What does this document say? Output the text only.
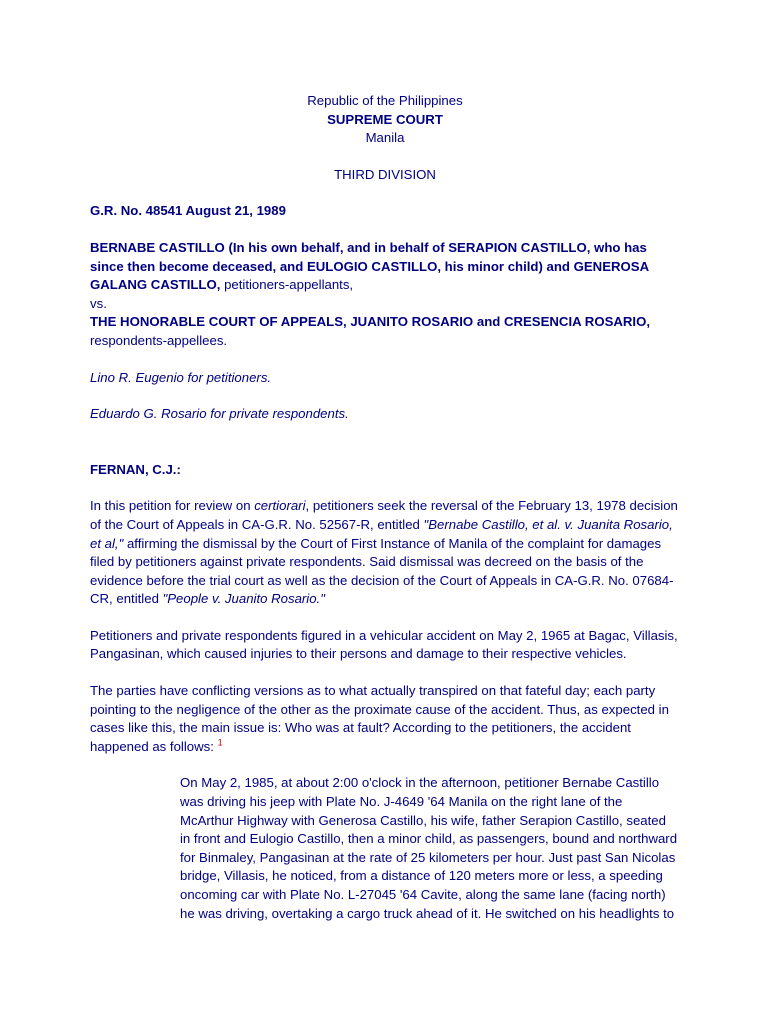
Republic of the Philippines
SUPREME COURT
Manila
THIRD DIVISION

G.R. No. 48541 August 21, 1989

BERNABE CASTILLO (In his own behalf, and in behalf of SERAPION CASTILLO, who has since then become deceased, and EULOGIO CASTILLO, his minor child) and GENEROSA GALANG CASTILLO, petitioners-appellants,
vs.
THE HONORABLE COURT OF APPEALS, JUANITO ROSARIO and CRESENCIA ROSARIO, respondents-appellees.

Lino R. Eugenio for petitioners.

Eduardo G. Rosario for private respondents.

FERNAN, C.J.:

In this petition for review on certiorari, petitioners seek the reversal of the February 13, 1978 decision of the Court of Appeals in CA-G.R. No. 52567-R, entitled "Bernabe Castillo, et al. v. Juanita Rosario, et al," affirming the dismissal by the Court of First Instance of Manila of the complaint for damages filed by petitioners against private respondents. Said dismissal was decreed on the basis of the evidence before the trial court as well as the decision of the Court of Appeals in CA-G.R. No. 07684-CR, entitled "People v. Juanito Rosario."

Petitioners and private respondents figured in a vehicular accident on May 2, 1965 at Bagac, Villasis, Pangasinan, which caused injuries to their persons and damage to their respective vehicles.

The parties have conflicting versions as to what actually transpired on that fateful day; each party pointing to the negligence of the other as the proximate cause of the accident. Thus, as expected in cases like this, the main issue is: Who was at fault? According to the petitioners, the accident happened as follows: $^1$

On May 2, 1985, at about 2:00 o'clock in the afternoon, petitioner Bernabe Castillo was driving his jeep with Plate No. J-4649 '64 Manila on the right lane of the McArthur Highway with Generosa Castillo, his wife, father Serapion Castillo, seated in front and Eulogio Castillo, then a minor child, as passengers, bound and northward for Binmaley, Pangasinan at the rate of 25 kilometers per hour. Just past San Nicolas bridge, Villasis, he noticed, from a distance of 120 meters more or less, a speeding oncoming car with Plate No. L-27045 '64 Cavite, along the same lane (facing north) he was driving, overtaking a cargo truck ahead of it. He switched on his headlights to
